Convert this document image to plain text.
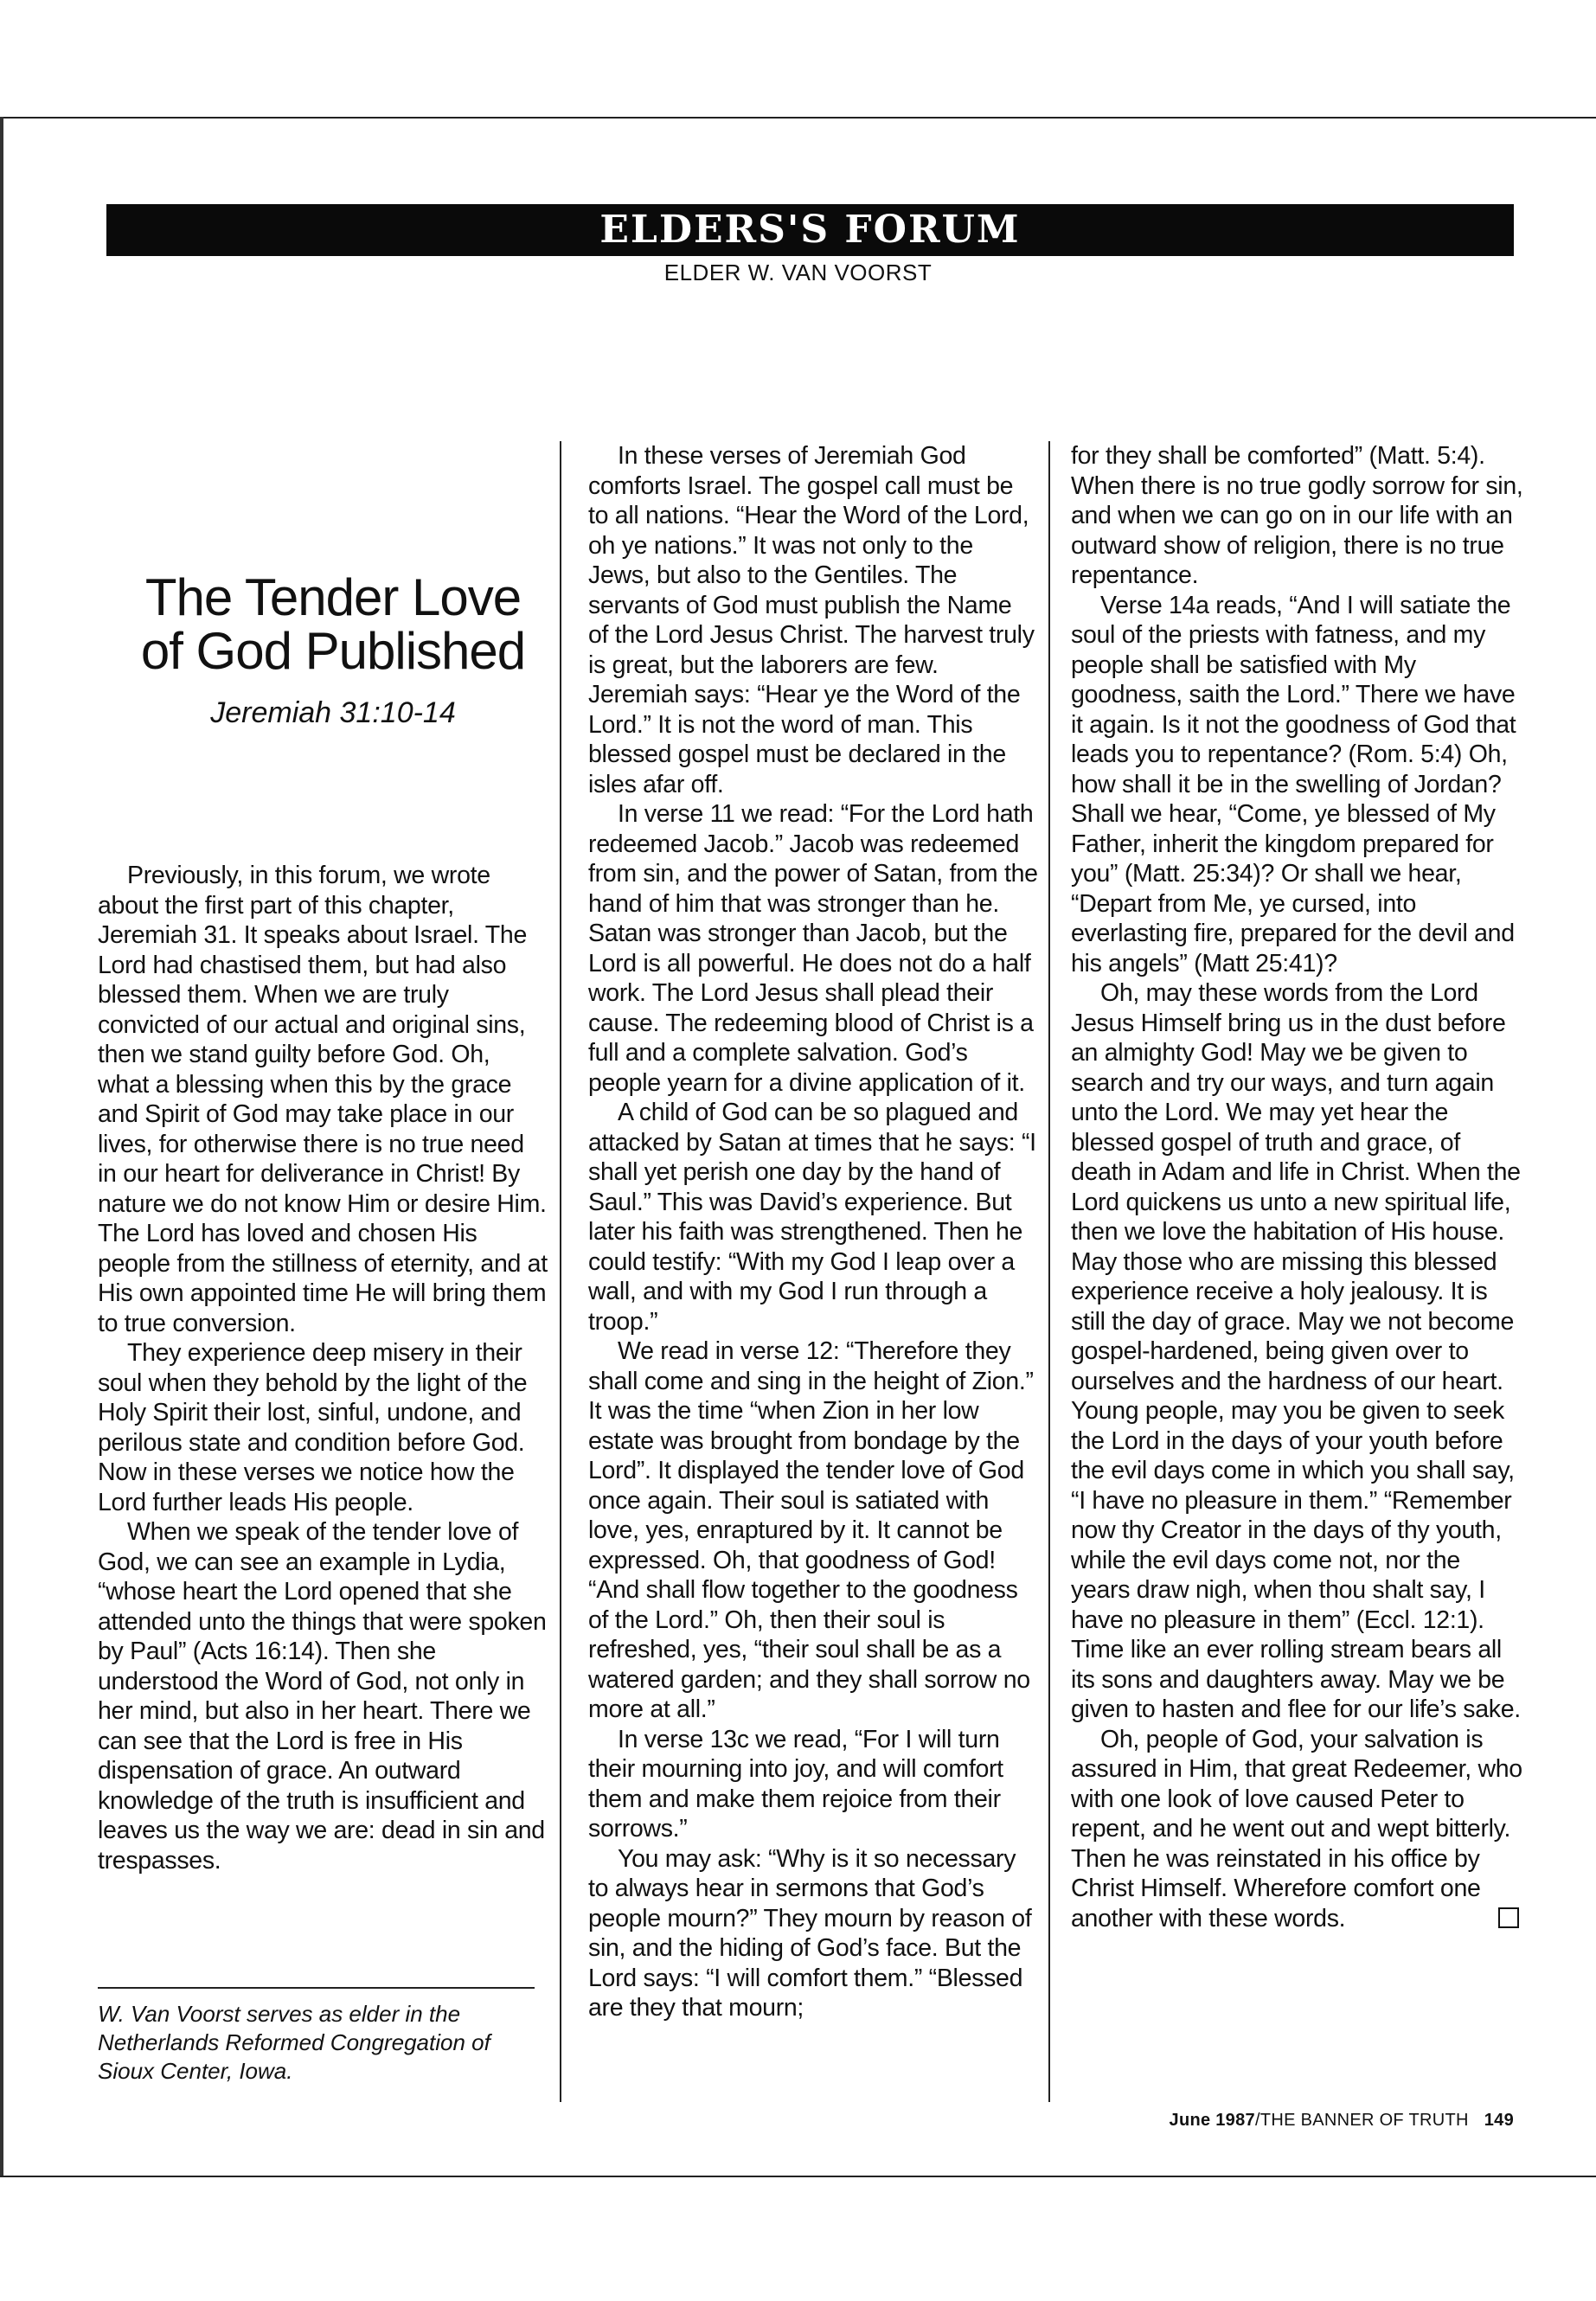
ELDERS'S FORUM
ELDER W. VAN VOORST
The Tender Love of God Published
Jeremiah 31:10-14

Previously, in this forum, we wrote about the first part of this chapter, Jeremiah 31. It speaks about Israel. The Lord had chastised them, but had also blessed them. When we are truly convicted of our actual and original sins, then we stand guilty before God. Oh, what a blessing when this by the grace and Spirit of God may take place in our lives, for otherwise there is no true need in our heart for deliverance in Christ! By nature we do not know Him or desire Him. The Lord has loved and chosen His people from the stillness of eternity, and at His own appointed time He will bring them to true conversion.

They experience deep misery in their soul when they behold by the light of the Holy Spirit their lost, sinful, undone, and perilous state and condition before God. Now in these verses we notice how the Lord further leads His people.

When we speak of the tender love of God, we can see an example in Lydia, “whose heart the Lord opened that she attended unto the things that were spoken by Paul” (Acts 16:14). Then she understood the Word of God, not only in her mind, but also in her heart. There we can see that the Lord is free in His dispensation of grace. An outward knowledge of the truth is insufficient and leaves us the way we are: dead in sin and trespasses.

W. Van Voorst serves as elder in the Netherlands Reformed Congregation of Sioux Center, Iowa.

In these verses of Jeremiah God comforts Israel. The gospel call must be to all nations. “Hear the Word of the Lord, oh ye nations.” It was not only to the Jews, but also to the Gentiles. The servants of God must publish the Name of the Lord Jesus Christ. The harvest truly is great, but the laborers are few. Jeremiah says: “Hear ye the Word of the Lord.” It is not the word of man. This blessed gospel must be declared in the isles afar off.

In verse 11 we read: “For the Lord hath redeemed Jacob.” Jacob was redeemed from sin, and the power of Satan, from the hand of him that was stronger than he. Satan was stronger than Jacob, but the Lord is all powerful. He does not do a half work. The Lord Jesus shall plead their cause. The redeeming blood of Christ is a full and a complete salvation. God’s people yearn for a divine application of it.

A child of God can be so plagued and attacked by Satan at times that he says: “I shall yet perish one day by the hand of Saul.” This was David’s experience. But later his faith was strengthened. Then he could testify: “With my God I leap over a wall, and with my God I run through a troop.”

We read in verse 12: “Therefore they shall come and sing in the height of Zion.” It was the time “when Zion in her low estate was brought from bondage by the Lord”. It displayed the tender love of God once again. Their soul is satiated with love, yes, enraptured by it. It cannot be expressed. Oh, that goodness of God! “And shall flow together to the goodness of the Lord.” Oh, then their soul is refreshed, yes, “their soul shall be as a watered garden; and they shall sorrow no more at all.”

In verse 13c we read, “For I will turn their mourning into joy, and will comfort them and make them rejoice from their sorrows.”

You may ask: “Why is it so necessary to always hear in sermons that God’s people mourn?” They mourn by reason of sin, and the hiding of God’s face. But the Lord says: “I will comfort them.” “Blessed are they that mourn;

for they shall be comforted” (Matt. 5:4). When there is no true godly sorrow for sin, and when we can go on in our life with an outward show of religion, there is no true repentance.

Verse 14a reads, “And I will satiate the soul of the priests with fatness, and my people shall be satisfied with My goodness, saith the Lord.” There we have it again. Is it not the goodness of God that leads you to repentance? (Rom. 5:4) Oh, how shall it be in the swelling of Jordan? Shall we hear, “Come, ye blessed of My Father, inherit the kingdom prepared for you” (Matt. 25:34)? Or shall we hear, “Depart from Me, ye cursed, into everlasting fire, prepared for the devil and his angels” (Matt 25:41)?

Oh, may these words from the Lord Jesus Himself bring us in the dust before an almighty God! May we be given to search and try our ways, and turn again unto the Lord. We may yet hear the blessed gospel of truth and grace, of death in Adam and life in Christ. When the Lord quickens us unto a new spiritual life, then we love the habitation of His house. May those who are missing this blessed experience receive a holy jealousy. It is still the day of grace. May we not become gospel-hardened, being given over to ourselves and the hardness of our heart. Young people, may you be given to seek the Lord in the days of your youth before the evil days come in which you shall say, “I have no pleasure in them.” “Remember now thy Creator in the days of thy youth, while the evil days come not, nor the years draw nigh, when thou shalt say, I have no pleasure in them” (Eccl. 12:1). Time like an ever rolling stream bears all its sons and daughters away. May we be given to hasten and flee for our life’s sake.

Oh, people of God, your salvation is assured in Him, that great Redeemer, who with one look of love caused Peter to repent, and he went out and wept bitterly. Then he was reinstated in his office by Christ Himself. Wherefore comfort one another with these words.

June 1987/THE BANNER OF TRUTH 149
